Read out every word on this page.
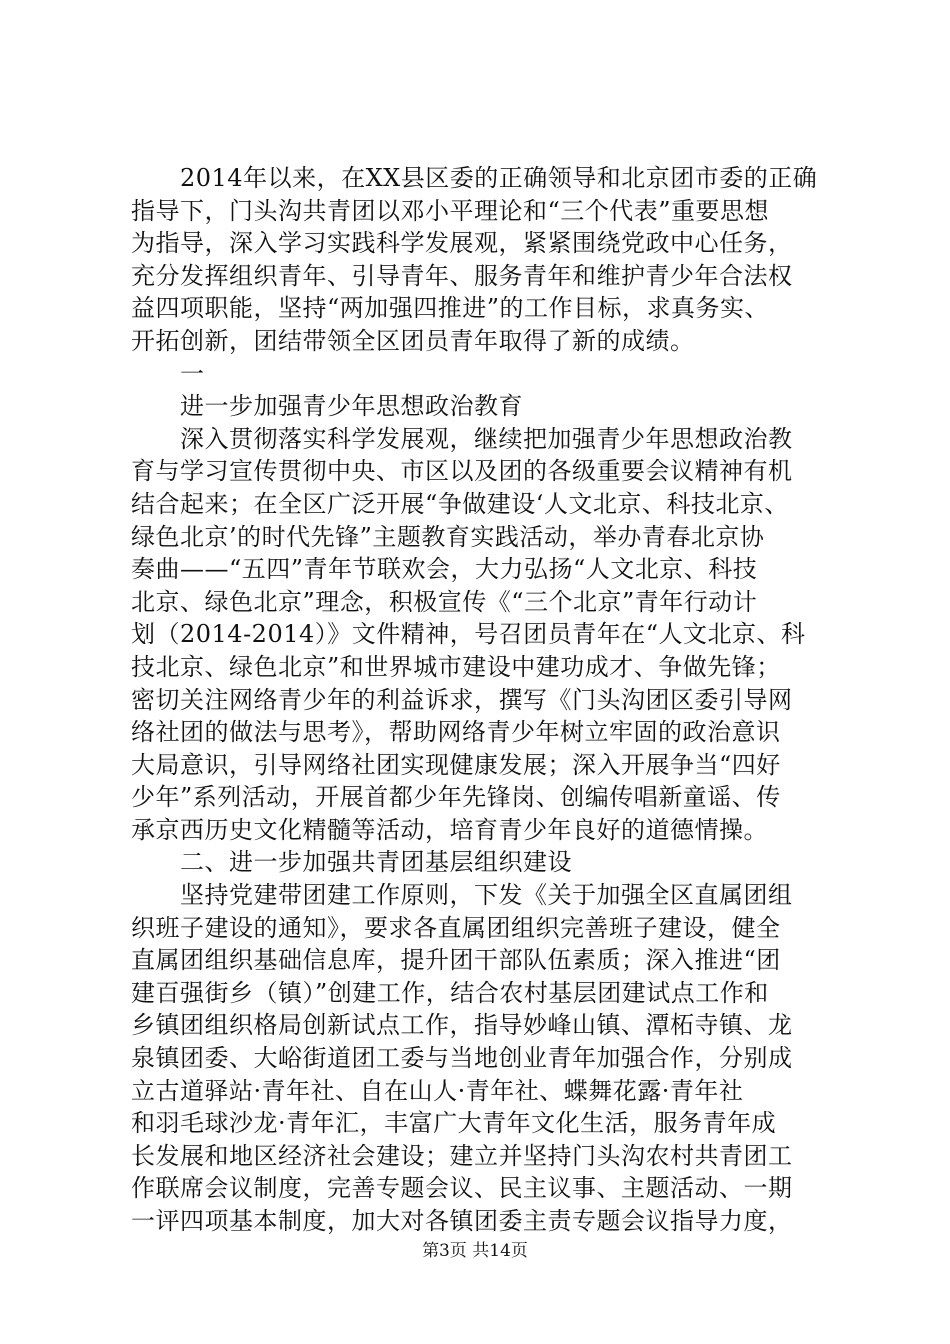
　　2014年以来，在XX县区委的正确领导和北京团市委的正确
指导下，门头沟共青团以邓小平理论和“三个代表”重要思想
为指导，深入学习实践科学发展观，紧紧围绕党政中心任务，
充分发挥组织青年、引导青年、服务青年和维护青少年合法权
益四项职能，坚持“两加强四推进”的工作目标，求真务实、
开拓创新，团结带领全区团员青年取得了新的成绩。
　　一
　　进一步加强青少年思想政治教育
　　深入贯彻落实科学发展观，继续把加强青少年思想政治教
育与学习宣传贯彻中央、市区以及团的各级重要会议精神有机
结合起来；在全区广泛开展“争做建设‘人文北京、科技北京、
绿色北京’的时代先锋”主题教育实践活动，举办青春北京协
奏曲——“五四”青年节联欢会，大力弘扬“人文北京、科技
北京、绿色北京”理念，积极宣传《“三个北京”青年行动计
划（2014-2014）》文件精神，号召团员青年在“人文北京、科
技北京、绿色北京”和世界城市建设中建功成才、争做先锋；
密切关注网络青少年的利益诉求，撰写《门头沟团区委引导网
络社团的做法与思考》，帮助网络青少年树立牢固的政治意识
大局意识，引导网络社团实现健康发展；深入开展争当“四好
少年”系列活动，开展首都少年先锋岗、创编传唱新童谣、传
承京西历史文化精髓等活动，培育青少年良好的道德情操。
　　二、进一步加强共青团基层组织建设
　　坚持党建带团建工作原则，下发《关于加强全区直属团组
织班子建设的通知》，要求各直属团组织完善班子建设，健全
直属团组织基础信息库，提升团干部队伍素质；深入推进“团
建百强街乡（镇）”创建工作，结合农村基层团建试点工作和
乡镇团组织格局创新试点工作，指导妙峰山镇、潭柘寺镇、龙
泉镇团委、大峪街道团工委与当地创业青年加强合作，分别成
立古道驿站·青年社、自在山人·青年社、蝶舞花露·青年社
和羽毛球沙龙·青年汇，丰富广大青年文化生活，服务青年成
长发展和地区经济社会建设；建立并坚持门头沟农村共青团工
作联席会议制度，完善专题会议、民主议事、主题活动、一期
一评四项基本制度，加大对各镇团委主责专题会议指导力度，
第3页 共14页
